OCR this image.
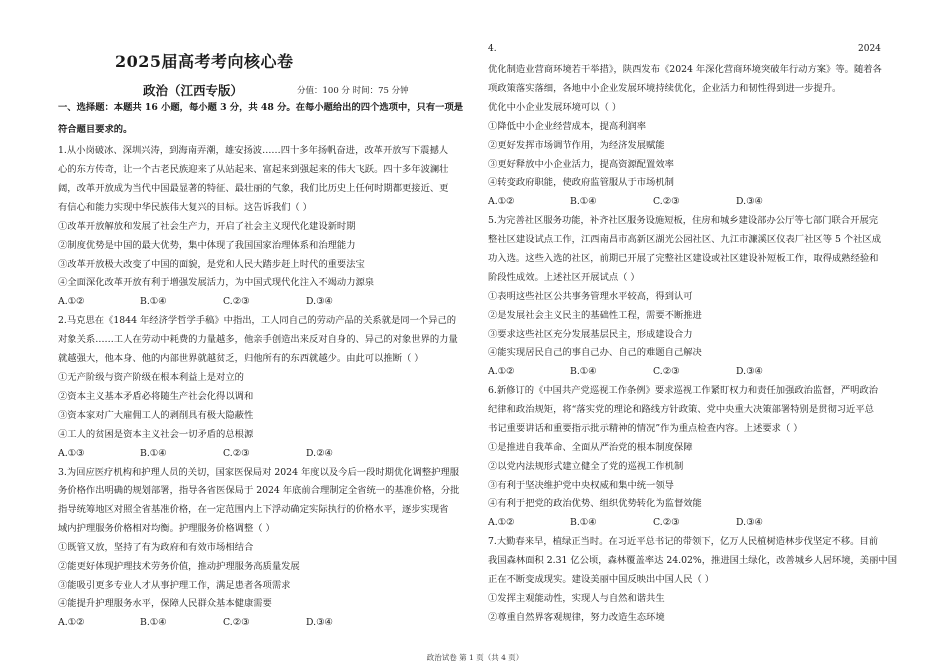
2025届高考考向核心卷
政治（江西专版）	分值：100 分 时间：75 分钟
4.	2024
一、选择题：本题共 16 小题，每小题 3 分，共 48 分。在每小题给出的四个选项中，只有一项是
符合题目要求的。
1.从小岗破冰、深圳兴涛，到海南弄潮，雄安扬波……四十多年扬帆奋进，改革开放写下震撼人
心的东方传奇，让一个古老民族迎来了从站起来、富起来到强起来的伟大飞跃。四十多年波澜壮
阔，改革开放成为当代中国最显著的特征、最壮丽的气象，我们比历史上任何时期都更接近、更
有信心和能力实现中华民族伟大复兴的目标。这告诉我们（ ）
①改革开放解放和发展了社会生产力，开启了社会主义现代化建设新时期
②制度优势是中国的最大优势，集中体现了我国国家治理体系和治理能力
③改革开放极大改变了中国的面貌，是党和人民大踏步赶上时代的重要法宝
④全面深化改革开放有利于增强发展活力，为中国式现代化注入不竭动力源泉
A.①②	B.①④	C.②③	D.③④
2.马克思在《1844 年经济学哲学手稿》中指出，工人同自己的劳动产品的关系就是同一个异己的
对象关系……工人在劳动中耗费的力量越多，他亲手创造出来反对自身的、异己的对象世界的力量
就越强大，他本身、他的内部世界就越贫乏，归他所有的东西就越少。由此可以推断（ ）
①无产阶级与资产阶级在根本利益上是对立的
②资本主义基本矛盾必将随生产社会化得以调和
③资本家对广大雇佣工人的剥削具有极大隐蔽性
④工人的贫困是资本主义社会一切矛盾的总根源
A.①③	B.①④	C.②③	D.②④
3.为回应医疗机构和护理人员的关切，国家医保局对 2024 年度以及今后一段时期优化调整护理服
务价格作出明确的规划部署，指导各省医保局于 2024 年底前合理制定全省统一的基准价格，分批
指导统筹地区对照全省基准价格，在一定范围内上下浮动确定实际执行的价格水平，逐步实现省
域内护理服务价格相对均衡。护理服务价格调整（ ）
①既管又放，坚持了有为政府和有效市场相结合
②能更好体现护理技术劳务价值，推动护理服务高质量发展
③能吸引更多专业人才从事护理工作，满足患者各项需求
④能提升护理服务水平，保障人民群众基本健康需要
A.①②	B.①④	C.②③	D.③④
优化制造业营商环境若干举措》，陕西发布《2024 年深化营商环境突破年行动方案》等。随着各
项政策落实落细，各地中小企业发展环境持续优化，企业活力和韧性得到进一步提升。
优化中小企业发展环境可以（ ）
①降低中小企业经营成本，提高利润率
②更好发挥市场调节作用，为经济发展赋能
③更好释放中小企业活力，提高资源配置效率
④转变政府职能，使政府监管服从于市场机制
A.①②	B.①④	C.②③	D.③④
5.为完善社区服务功能，补齐社区服务设施短板，住房和城乡建设部办公厅等七部门联合开展完
整社区建设试点工作，江西南昌市高新区湖光公园社区、九江市濂溪区仪表厂社区等 5 个社区成
功入选。这些入选的社区，前期已开展了完整社区建设或社区建设补短板工作，取得成熟经验和
阶段性成效。上述社区开展试点（ ）
①表明这些社区公共事务管理水平较高，得到认可
②是发展社会主义民主的基础性工程，需要不断推进
③要求这些社区充分发展基层民主，形成建设合力
④能实现居民自己的事自己办、自己的难题自己解决
A.①②	B.①④	C.②③	D.③④
6.新修订的《中国共产党巡视工作条例》要求巡视工作紧盯权力和责任加强政治监督，严明政治
纪律和政治规矩，将“落实党的理论和路线方针政策、党中央重大决策部署特别是贯彻习近平总
书记重要讲话和重要指示批示精神的情况”作为重点检查内容。上述要求（ ）
①是推进自我革命、全面从严治党的根本制度保障
②以党内法规形式建立健全了党的巡视工作机制
③有利于坚决维护党中央权威和集中统一领导
④有利于把党的政治优势、组织优势转化为监督效能
A.①②	B.①④	C.②③	D.③④
7.大勤春来早，植绿正当时。在习近平总书记的带领下，亿万人民植树造林步伐坚定不移。目前
我国森林面积 2.31 亿公顷，森林覆盖率达 24.02%，推进国土绿化，改善城乡人居环境，美丽中国
正在不断变成现实。建设美丽中国反映出中国人民（ ）
①发挥主观能动性，实现人与自然和谐共生
②尊重自然界客观规律，努力改造生态环境
政治试卷 第 1 页（共 4 页）
